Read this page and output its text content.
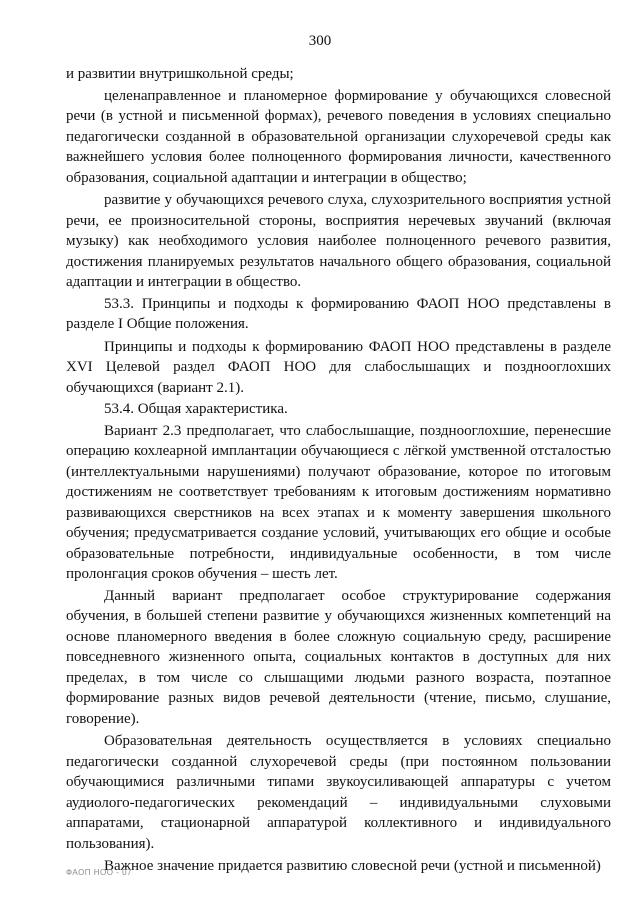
300

и развитии внутришкольной среды;

целенаправленное и планомерное формирование у обучающихся словесной речи (в устной и письменной формах), речевого поведения в условиях специально педагогически созданной в образовательной организации слухоречевой среды как важнейшего условия более полноценного формирования личности, качественного образования, социальной адаптации и интеграции в общество;

развитие у обучающихся речевого слуха, слухозрительного восприятия устной речи, ее произносительной стороны, восприятия неречевых звучаний (включая музыку) как необходимого условия наиболее полноценного речевого развития, достижения планируемых результатов начального общего образования, социальной адаптации и интеграции в общество.

53.3. Принципы и подходы к формированию ФАОП НОО представлены в разделе I Общие положения.

Принципы и подходы к формированию ФАОП НОО представлены в разделе XVI Целевой раздел ФАОП НОО для слабослышащих и позднооглохших обучающихся (вариант 2.1).

53.4. Общая характеристика.

Вариант 2.3 предполагает, что слабослышащие, позднооглохшие, перенесшие операцию кохлеарной имплантации обучающиеся с лёгкой умственной отсталостью (интеллектуальными нарушениями) получают образование, которое по итоговым достижениям не соответствует требованиям к итоговым достижениям нормативно развивающихся сверстников на всех этапах и к моменту завершения школьного обучения; предусматривается создание условий, учитывающих его общие и особые образовательные потребности, индивидуальные особенности, в том числе пролонгация сроков обучения – шесть лет.

Данный вариант предполагает особое структурирование содержания обучения, в большей степени развитие у обучающихся жизненных компетенций на основе планомерного введения в более сложную социальную среду, расширение повседневного жизненного опыта, социальных контактов в доступных для них пределах, в том числе со слышащими людьми разного возраста, поэтапное формирование разных видов речевой деятельности (чтение, письмо, слушание, говорение).

Образовательная деятельность осуществляется в условиях специально педагогически созданной слухоречевой среды (при постоянном пользовании обучающимися различными типами звукоусиливающей аппаратуры с учетом аудиолого-педагогических рекомендаций – индивидуальными слуховыми аппаратами, стационарной аппаратурой коллективного и индивидуального пользования).

Важное значение придается развитию словесной речи (устной и письменной)

ФАОП НОО - 07
